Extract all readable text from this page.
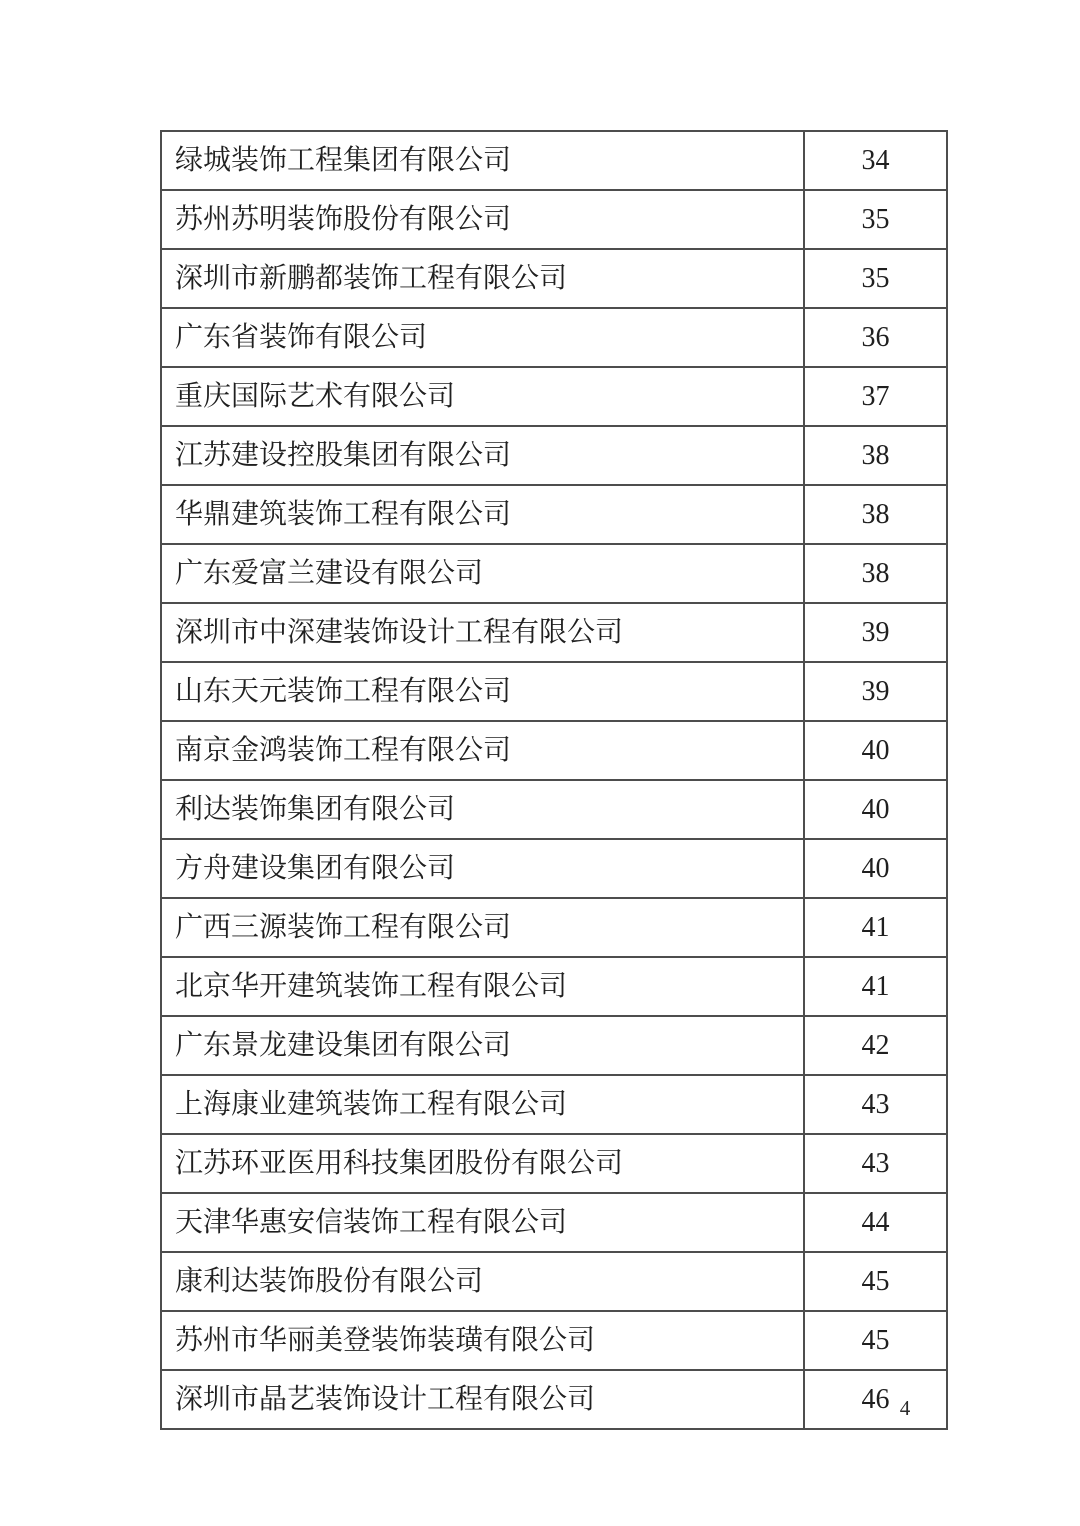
绿城装饰工程集团有限公司	34
苏州苏明装饰股份有限公司	35
深圳市新鹏都装饰工程有限公司	35
广东省装饰有限公司	36
重庆国际艺术有限公司	37
江苏建设控股集团有限公司	38
华鼎建筑装饰工程有限公司	38
广东爱富兰建设有限公司	38
深圳市中深建装饰设计工程有限公司	39
山东天元装饰工程有限公司	39
南京金鸿装饰工程有限公司	40
利达装饰集团有限公司	40
方舟建设集团有限公司	40
广西三源装饰工程有限公司	41
北京华开建筑装饰工程有限公司	41
广东景龙建设集团有限公司	42
上海康业建筑装饰工程有限公司	43
江苏环亚医用科技集团股份有限公司	43
天津华惠安信装饰工程有限公司	44
康利达装饰股份有限公司	45
苏州市华丽美登装饰装璜有限公司	45
深圳市晶艺装饰设计工程有限公司	46 4
